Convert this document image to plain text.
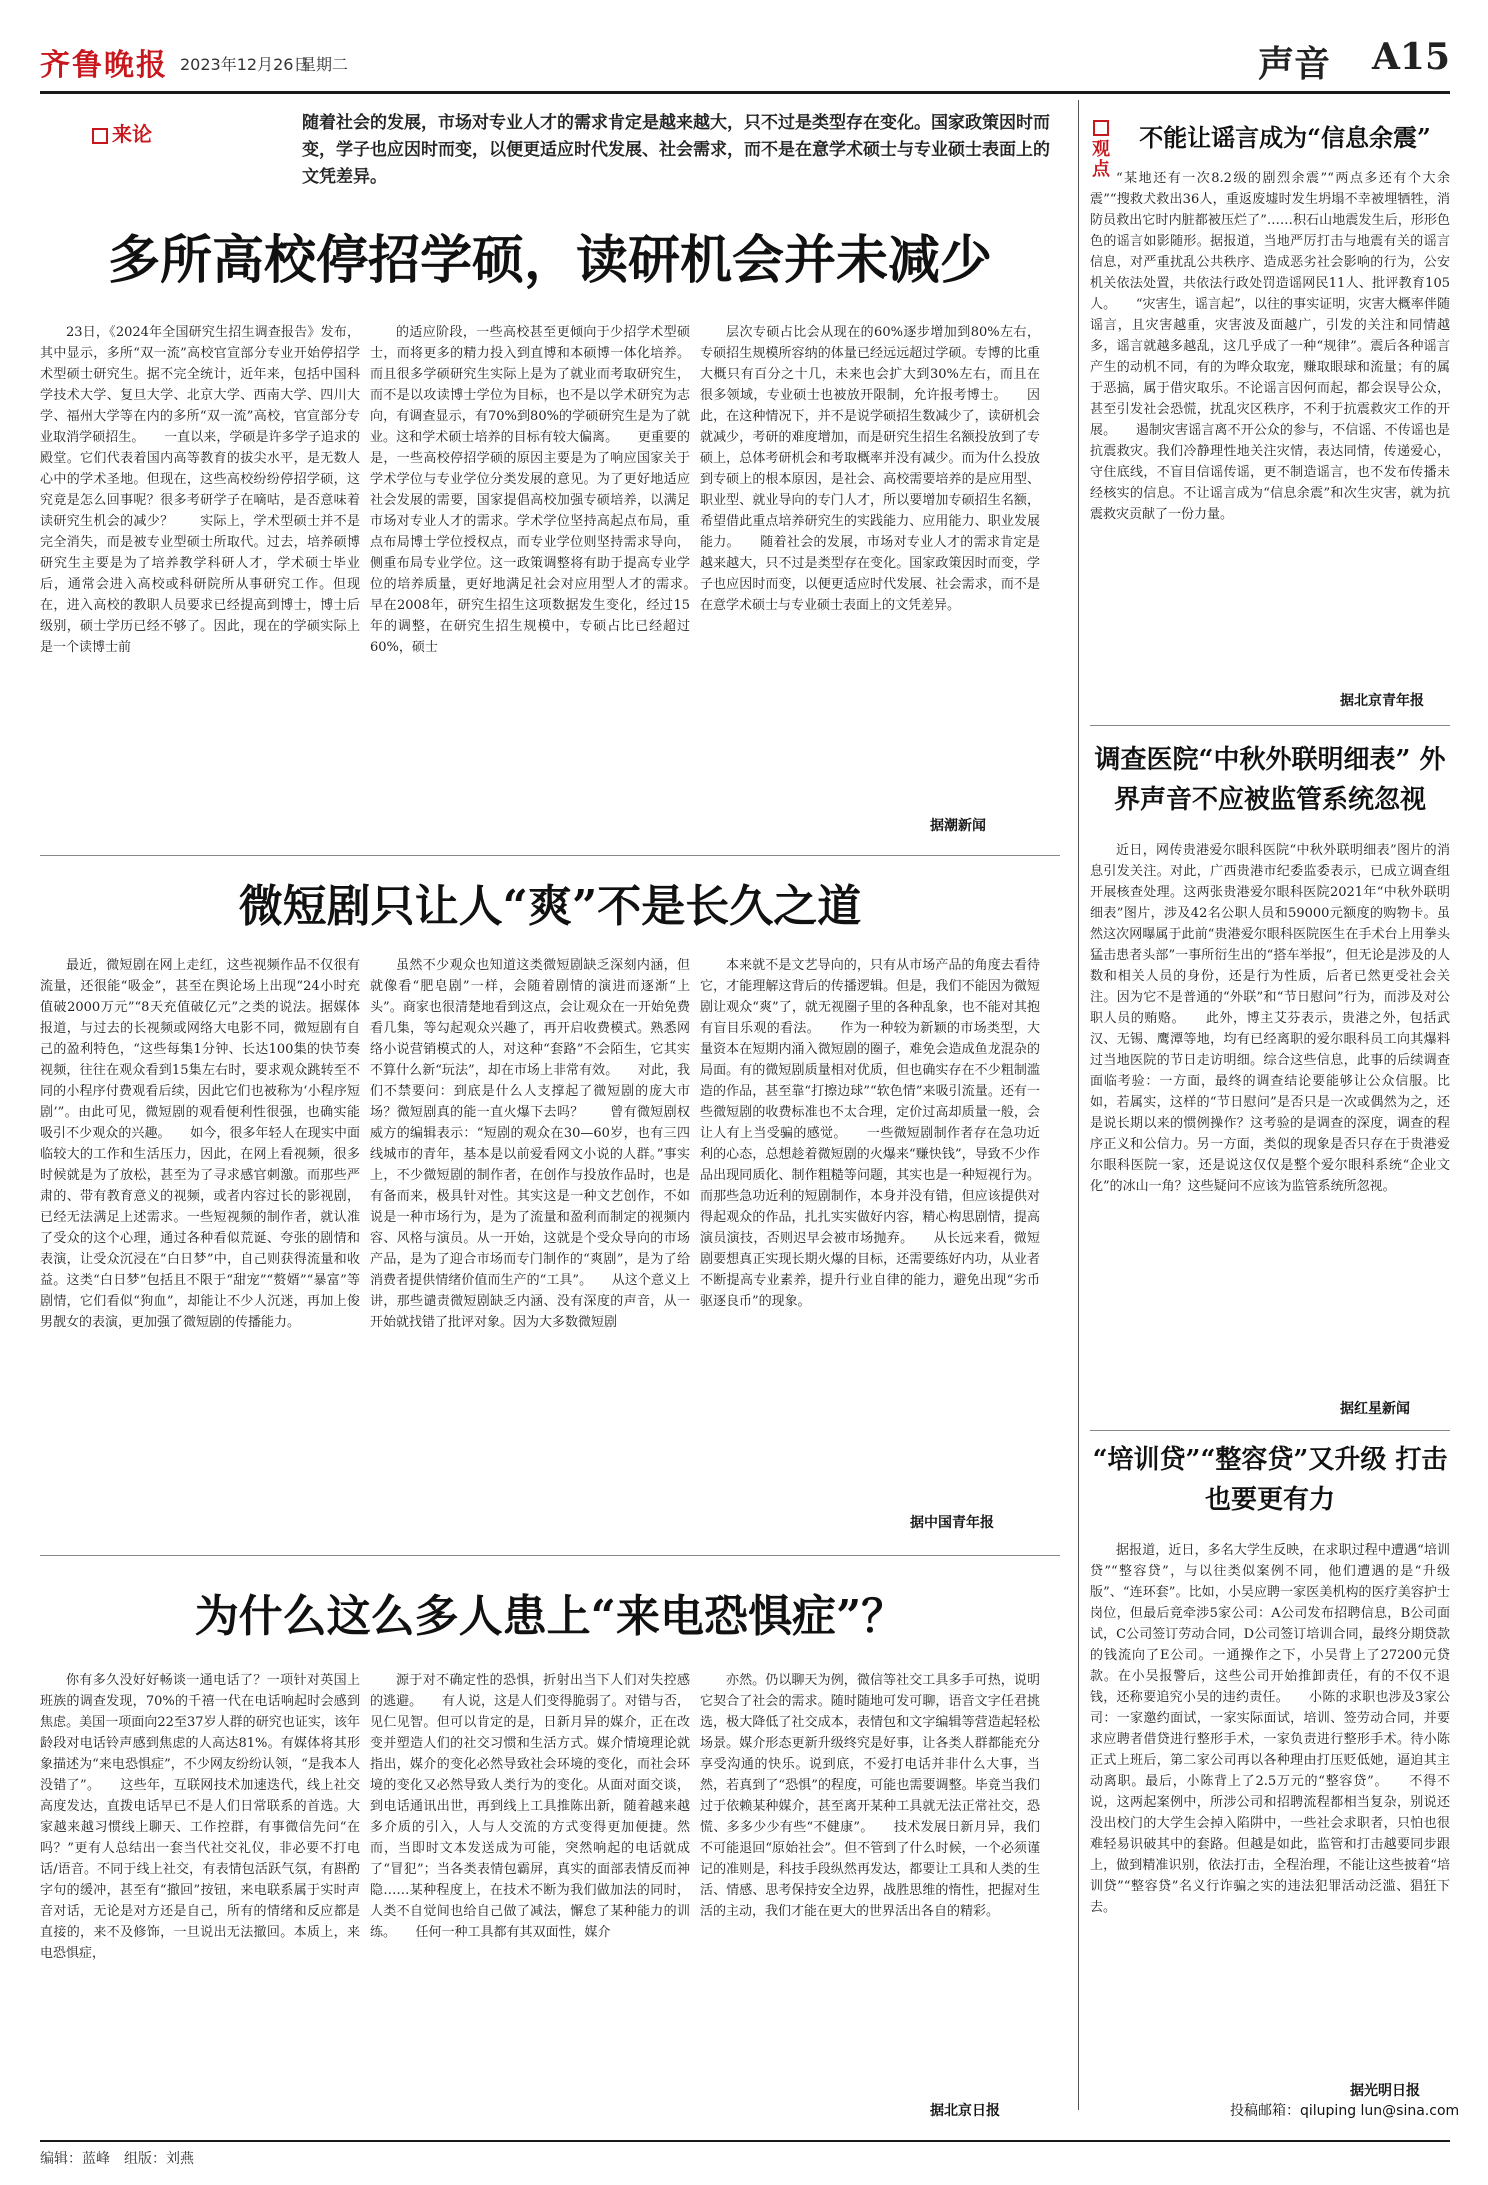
齐鲁晚报 2023年12月26日
星期二	声音 A15
来论	随着社会的发展，市场对专业人才的需求肯定是越来越大，只不过是类型存在变化。国家政策因时而变，学子也应因时而变，以便更适应时代发展、社会需求，而不是在意学术硕士与专业硕士表面上的文凭差异。
多所高校停招学硕，读研机会并未减少
23日，《2024年全国研究生招生调查报告》发布，其中显示，多所“双一流”高校官宣部分专业开始停招学术型硕士研究生。据不完全统计，近年来，包括中国科学技术大学、复旦大学、北京大学、西南大学、四川大学、福州大学等在内的多所“双一流”高校，官宣部分专业取消学硕招生。　　一直以来，学硕是许多学子追求的殿堂。它们代表着国内高等教育的拔尖水平，是无数人心中的学术圣地。但现在，这些高校纷纷停招学硕，这究竟是怎么回事呢？很多考研学子在嘀咕，是否意味着读研究生机会的减少？　　实际上，学术型硕士并不是完全消失，而是被专业型硕士所取代。过去，培养硕博研究生主要是为了培养教学科研人才，学术硕士毕业后，通常会进入高校或科研院所从事研究工作。但现在，进入高校的教职人员要求已经提高到博士，博士后级别，硕士学历已经不够了。因此，现在的学硕实际上是一个读博士前
的适应阶段，一些高校甚至更倾向于少招学术型硕士，而将更多的精力投入到直博和本硕博一体化培养。而且很多学硕研究生实际上是为了就业而考取研究生，而不是以攻读博士学位为目标，也不是以学术研究为志向，有调查显示，有70%到80%的学硕研究生是为了就业。这和学术硕士培养的目标有较大偏离。　　更重要的是，一些高校停招学硕的原因主要是为了响应国家关于学术学位与专业学位分类发展的意见。为了更好地适应社会发展的需要，国家提倡高校加强专硕培养，以满足市场对专业人才的需求。学术学位坚持高起点布局，重点布局博士学位授权点，而专业学位则坚持需求导向，侧重布局专业学位。这一政策调整将有助于提高专业学位的培养质量，更好地满足社会对应用型人才的需求。　　早在2008年，研究生招生这项数据发生变化，经过15年的调整，在研究生招生规模中，专硕占比已经超过60%，硕士
层次专硕占比会从现在的60%逐步增加到80%左右，专硕招生规模所容纳的体量已经远远超过学硕。专博的比重大概只有百分之十几，未来也会扩大到30%左右，而且在很多领域，专业硕士也被放开限制，允许报考博士。　　因此，在这种情况下，并不是说学硕招生数减少了，读研机会就减少，考研的难度增加，而是研究生招生名额投放到了专硕上，总体考研机会和考取概率并没有减少。而为什么投放到专硕上的根本原因，是社会、高校需要培养的是应用型、职业型、就业导向的专门人才，所以要增加专硕招生名额，希望借此重点培养研究生的实践能力、应用能力、职业发展能力。　　随着社会的发展，市场对专业人才的需求肯定是越来越大，只不过是类型存在变化。国家政策因时而变，学子也应因时而变，以便更适应时代发展、社会需求，而不是在意学术硕士与专业硕士表面上的文凭差异。
据潮新闻
微短剧只让人“爽”不是长久之道
最近，微短剧在网上走红，这些视频作品不仅很有流量，还很能“吸金”，甚至在舆论场上出现“24小时充值破2000万元”“8天充值破亿元”之类的说法。据媒体报道，与过去的长视频或网络大电影不同，微短剧有自己的盈利特色，“这些每集1分钟、长达100集的快节奏视频，往往在观众看到15集左右时，要求观众跳转至不同的小程序付费观看后续，因此它们也被称为‘小程序短剧’”。由此可见，微短剧的观看便利性很强，也确实能吸引不少观众的兴趣。　　如今，很多年轻人在现实中面临较大的工作和生活压力，因此，在网上看视频，很多时候就是为了放松，甚至为了寻求感官刺激。而那些严肃的、带有教育意义的视频，或者内容过长的影视剧，已经无法满足上述需求。一些短视频的制作者，就认准了受众的这个心理，通过各种看似荒诞、夸张的剧情和表演，让受众沉浸在“白日梦”中，自己则获得流量和收益。这类“白日梦”包括且不限于“甜宠”“赘婿”“暴富”等剧情，它们看似“狗血”，却能让不少人沉迷，再加上俊男靓女的表演，更加强了微短剧的传播能力。
虽然不少观众也知道这类微短剧缺乏深刻内涵，但就像看“肥皂剧”一样，会随着剧情的演进而逐渐“上头”。商家也很清楚地看到这点，会让观众在一开始免费看几集，等勾起观众兴趣了，再开启收费模式。熟悉网络小说营销模式的人，对这种“套路”不会陌生，它其实不算什么新“玩法”，却在市场上非常有效。　　对此，我们不禁要问：到底是什么人支撑起了微短剧的庞大市场？微短剧真的能一直火爆下去吗？　　曾有微短剧权威方的编辑表示：“短剧的观众在30—60岁，也有三四线城市的青年，基本是以前爱看网文小说的人群。”事实上，不少微短剧的制作者，在创作与投放作品时，也是有备而来，极具针对性。其实这是一种文艺创作，不如说是一种市场行为，是为了流量和盈利而制定的视频内容、风格与演员。从一开始，这就是个受众导向的市场产品，是为了迎合市场而专门制作的“爽剧”，是为了给消费者提供情绪价值而生产的“工具”。　　从这个意义上讲，那些谴责微短剧缺乏内涵、没有深度的声音，从一开始就找错了批评对象。因为大多数微短剧
本来就不是文艺导向的，只有从市场产品的角度去看待它，才能理解这背后的传播逻辑。但是，我们不能因为微短剧让观众“爽”了，就无视圈子里的各种乱象，也不能对其抱有盲目乐观的看法。　　作为一种较为新颖的市场类型，大量资本在短期内涌入微短剧的圈子，难免会造成鱼龙混杂的局面。有的微短剧质量相对优质，但也确实存在不少粗制滥造的作品，甚至靠“打擦边球”“软色情”来吸引流量。还有一些微短剧的收费标准也不太合理，定价过高却质量一般，会让人有上当受骗的感觉。　　一些微短剧制作者存在急功近利的心态，总想趁着微短剧的火爆来“赚快钱”，导致不少作品出现同质化、制作粗糙等问题，其实也是一种短视行为。而那些急功近利的短剧制作，本身并没有错，但应该提供对得起观众的作品，扎扎实实做好内容，精心构思剧情，提高演员演技，否则迟早会被市场抛弃。　　从长远来看，微短剧要想真正实现长期火爆的目标，还需要练好内功，从业者不断提高专业素养，提升行业自律的能力，避免出现“劣币驱逐良币”的现象。
据中国青年报
为什么这么多人患上“来电恐惧症”？
你有多久没好好畅谈一通电话了？一项针对英国上班族的调查发现，70%的千禧一代在电话响起时会感到焦虑。美国一项面向22至37岁人群的研究也证实，该年龄段对电话铃声感到焦虑的人高达81%。有媒体将其形象描述为“来电恐惧症”，不少网友纷纷认领，“是我本人没错了”。　　这些年，互联网技术加速迭代，线上社交高度发达，直拨电话早已不是人们日常联系的首选。大家越来越习惯线上聊天、工作控群，有事微信先问“在吗？”更有人总结出一套当代社交礼仪，非必要不打电话/语音。不同于线上社交，有表情包活跃气氛，有斟酌字句的缓冲，甚至有“撤回”按钮，来电联系属于实时声音对话，无论是对方还是自己，所有的情绪和反应都是直接的，来不及修饰，一旦说出无法撤回。本质上，来电恐惧症，
源于对不确定性的恐惧，折射出当下人们对失控感的逃避。　　有人说，这是人们变得脆弱了。对错与否，见仁见智。但可以肯定的是，日新月异的媒介，正在改变并塑造人们的社交习惯和生活方式。媒介情境理论就指出，媒介的变化必然导致社会环境的变化，而社会环境的变化又必然导致人类行为的变化。从面对面交谈，到电话通讯出世，再到线上工具推陈出新，随着越来越多介质的引入，人与人交流的方式变得更加便捷。然而，当即时文本发送成为可能，突然响起的电话就成了“冒犯”；当各类表情包霸屏，真实的面部表情反而神隐……某种程度上，在技术不断为我们做加法的同时，人类不自觉间也给自己做了减法，懈怠了某种能力的训练。　　任何一种工具都有其双面性，媒介
亦然。仍以聊天为例，微信等社交工具多手可热，说明它契合了社会的需求。随时随地可发可聊，语音文字任君挑选，极大降低了社交成本，表情包和文字编辑等营造起轻松场景。媒介形态更新升级终究是好事，让各类人群都能充分享受沟通的快乐。说到底，不爱打电话并非什么大事，当然，若真到了“恐惧”的程度，可能也需要调整。毕竟当我们过于依赖某种媒介，甚至离开某种工具就无法正常社交，恐慌、多多少少有些“不健康”。　　技术发展日新月异，我们不可能退回“原始社会”。但不管到了什么时候，一个必须谨记的准则是，科技手段纵然再发达，都要让工具和人类的生活、情感、思考保持安全边界，战胜思维的惰性，把握对生活的主动，我们才能在更大的世界活出各自的精彩。
据北京日报
观点
不能让谣言成为“信息余震”
“某地还有一次8.2级的剧烈余震”“两点多还有个大余震”“搜救犬救出36人，重返废墟时发生坍塌不幸被埋牺牲，消防员救出它时内脏都被压烂了”……积石山地震发生后，形形色色的谣言如影随形。据报道，当地严厉打击与地震有关的谣言信息，对严重扰乱公共秩序、造成恶劣社会影响的行为，公安机关依法处置，共依法行政处罚造谣网民11人、批评教育105人。　　“灾害生，谣言起”，以往的事实证明，灾害大概率伴随谣言，且灾害越重，灾害波及面越广，引发的关注和同情越多，谣言就越多越乱，这几乎成了一种“规律”。震后各种谣言产生的动机不同，有的为哗众取宠，赚取眼球和流量；有的属于恶搞，属于借灾取乐。不论谣言因何而起，都会误导公众，甚至引发社会恐慌，扰乱灾区秩序，不利于抗震救灾工作的开展。　　遏制灾害谣言离不开公众的参与，不信谣、不传谣也是抗震救灾。我们冷静理性地关注灾情，表达同情，传递爱心，守住底线，不盲目信谣传谣，更不制造谣言，也不发布传播未经核实的信息。不让谣言成为“信息余震”和次生灾害，就为抗震救灾贡献了一份力量。
据北京青年报
调查医院“中秋外联明细表” 外界声音不应被监管系统忽视
近日，网传贵港爱尔眼科医院“中秋外联明细表”图片的消息引发关注。对此，广西贵港市纪委监委表示，已成立调查组开展核查处理。这两张贵港爱尔眼科医院2021年“中秋外联明细表”图片，涉及42名公职人员和59000元额度的购物卡。虽然这次网曝属于此前“贵港爱尔眼科医院医生在手术台上用拳头猛击患者头部”一事所衍生出的“搭车举报”，但无论是涉及的人数和相关人员的身份，还是行为性质，后者已然更受社会关注。因为它不是普通的“外联”和“节日慰问”行为，而涉及对公职人员的贿赂。　　此外，博主艾芬表示，贵港之外，包括武汉、无锡、鹰潭等地，均有已经离职的爱尔眼科员工向其爆料过当地医院的节日走访明细。综合这些信息，此事的后续调查面临考验：一方面，最终的调查结论要能够让公众信服。比如，若属实，这样的“节日慰问”是否只是一次或偶然为之，还是说长期以来的惯例操作？这考验的是调查的深度，调查的程序正义和公信力。另一方面，类似的现象是否只存在于贵港爱尔眼科医院一家，还是说这仅仅是整个爱尔眼科系统“企业文化”的冰山一角？这些疑问不应该为监管系统所忽视。
据红星新闻
“培训贷”“整容贷”又升级 打击也要更有力
据报道，近日，多名大学生反映，在求职过程中遭遇“培训贷”“整容贷”，与以往类似案例不同，他们遭遇的是“升级版”、“连环套”。比如，小吴应聘一家医美机构的医疗美容护士岗位，但最后竟牵涉5家公司：A公司发布招聘信息，B公司面试，C公司签订劳动合同，D公司签订培训合同，最终分期贷款的钱流向了E公司。一通操作之下，小吴背上了27200元贷款。在小吴报警后，这些公司开始推卸责任，有的不仅不退钱，还称要追究小吴的违约责任。　　小陈的求职也涉及3家公司：一家邀约面试，一家实际面试，培训、签劳动合同，并要求应聘者借贷进行整形手术，一家负责进行整形手术。待小陈正式上班后，第二家公司再以各种理由打压贬低她，逼迫其主动离职。最后，小陈背上了2.5万元的“整容贷”。　　不得不说，这两起案例中，所涉公司和招聘流程都相当复杂，别说还没出校门的大学生会掉入陷阱中，一些社会求职者，只怕也很难轻易识破其中的套路。但越是如此，监管和打击越要同步跟上，做到精准识别，依法打击，全程治理，不能让这些披着“培训贷”“整容贷”名义行诈骗之实的违法犯罪活动泛滥、猖狂下去。
据光明日报
投稿邮箱：qiluping lun@sina.com
编辑：蓝峰　组版：刘燕
